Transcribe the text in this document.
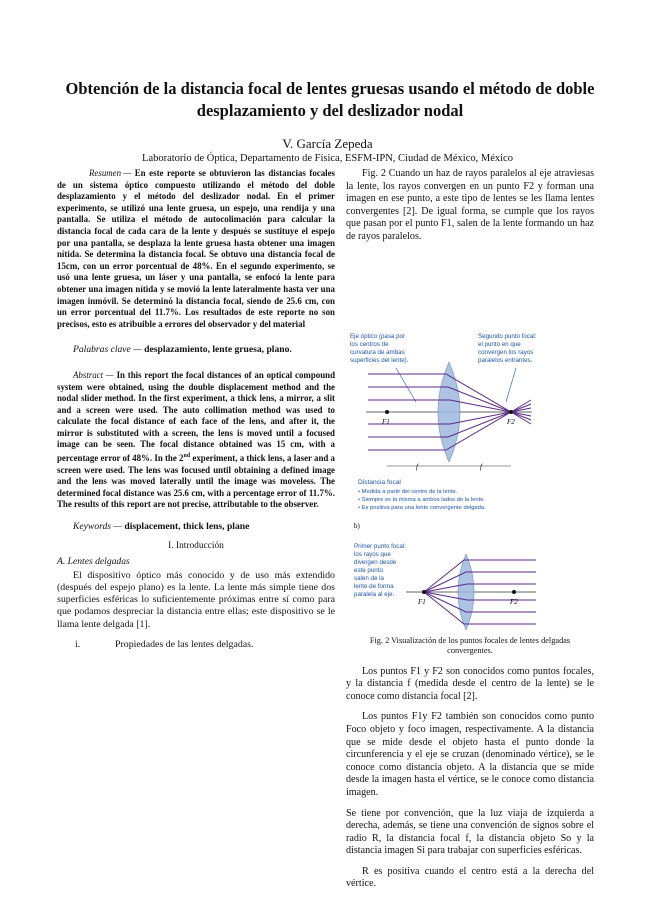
Obtención de la distancia focal de lentes gruesas usando el método de doble desplazamiento y del deslizador nodal
V. García Zepeda
Laboratorio de Óptica, Departamento de Física, ESFM-IPN, Ciudad de México, México

Resumen — En este reporte se obtuvieron las distancias focales de un sistema óptico compuesto utilizando el método del doble desplazamiento y el método del deslizador nodal. En el primer experimento, se utilizó una lente gruesa, un espejo, una rendija y una pantalla. Se utiliza el método de autocolimación para calcular la distancia focal de cada cara de la lente y después se sustituye el espejo por una pantalla, se desplaza la lente gruesa hasta obtener una imagen nítida. Se determina la distancia focal. Se obtuvo una distancia focal de 15cm, con un error porcentual de 48%. En el segundo experimento, se usó una lente gruesa, un láser y una pantalla, se enfocó la lente para obtener una imagen nítida y se movió la lente lateralmente hasta ver una imagen inmóvil. Se determinó la distancia focal, siendo de 25.6 cm, con un error porcentual del 11.7%. Los resultados de este reporte no son precisos, esto es atribuible a errores del observador y del material

Palabras clave — desplazamiento, lente gruesa, plano.

Abstract — In this report the focal distances of an optical compound system were obtained, using the double displacement method and the nodal slider method. In the first experiment, a thick lens, a mirror, a slit and a screen were used. The auto collimation method was used to calculate the focal distance of each face of the lens, and after it, the mirror is substituted with a screen, the lens is moved until a focused image can be seen. The focal distance obtained was 15 cm, with a percentage error of 48%. In the 2nd experiment, a thick lens, a laser and a screen were used. The lens was focused until obtaining a defined image and the lens was moved laterally until the image was moveless. The determined focal distance was 25.6 cm, with a percentage error of 11.7%. The results of this report are not precise, attributable to the observer.

Keywords — displacement, thick lens, plane

I. Introducción
A. Lentes delgadas

El dispositivo óptico más conocido y de uso más extendido (después del espejo plano) es la lente. La lente más simple tiene dos superficies esféricas lo suficientemente próximas entre sí como para que podamos despreciar la distancia entre ellas; este dispositivo se le llama lente delgada [1].

i.	Propiedades de las lentes delgadas.

Fig. 2 Cuando un haz de rayos paralelos al eje atraviesas la lente, los rayos convergen en un punto F2 y forman una imagen en ese punto, a este tipo de lentes se les llama lentes convergentes [2]. De igual forma, se cumple que los rayos que pasan por el punto F1, salen de la lente formando un haz de rayos paralelos.

Eje óptico (pasa por los centros de curvatura de ambas superficies del lente).
Segundo punto focal: el punto en que convergen los rayos paralelos entrantes.
F1	F2
f	f
Distancia focal
• Medida a partir del centro de la lente.
• Siempre es la misma a ambos lados de la lente.
• Es positiva para una lente convergente delgada.
b)
Primer punto focal: los rayos que divergen desde este punto salen de la lente de forma paralela al eje.
F1	F2
Fig. 2 Visualización de los puntos focales de lentes delgadas convergentes.

Los puntos F1 y F2 son conocidos como puntos focales, y la distancia f (medida desde el centro de la lente) se le conoce como distancia focal [2].

Los puntos F1y F2 también son conocidos como punto Foco objeto y foco imagen, respectivamente. A la distancia que se mide desde el objeto hasta el punto donde la circunferencia y el eje se cruzan (denominado vértice), se le conoce como distancia objeto. A la distancia que se mide desde la imagen hasta el vértice, se le conoce como distancia imagen.

Se tiene por convención, que la luz viaja de izquierda a derecha, además, se tiene una convención de signos sobre el radio R, la distancia focal f, la distancia objeto So y la distancia imagen Si para trabajar con superficies esféricas.

R es positiva cuando el centro está a la derecha del vértice.
